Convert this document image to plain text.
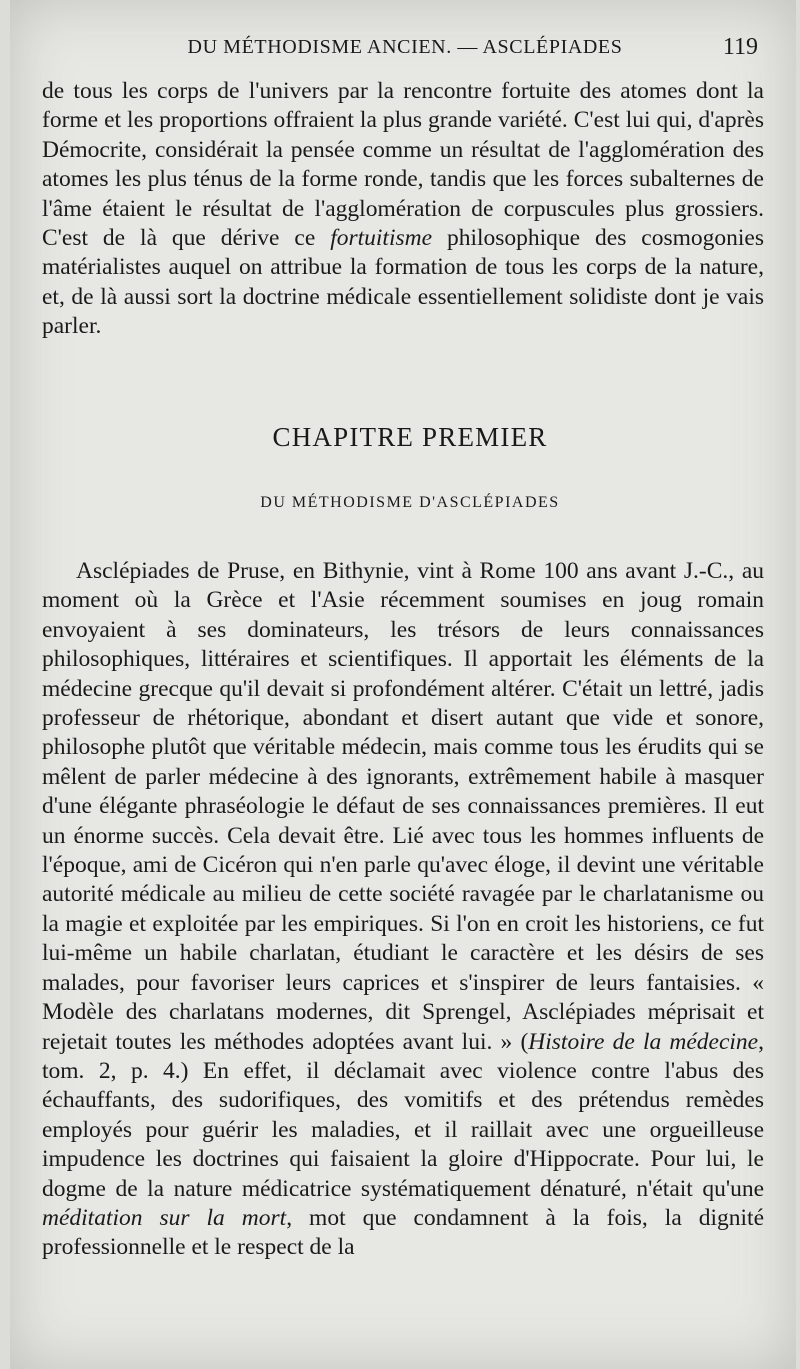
DU MÉTHODISME ANCIEN. — ASCLÉPIADES	119

de tous les corps de l'univers par la rencontre fortuite des atomes dont la forme et les proportions offraient la plus grande variété. C'est lui qui, d'après Démocrite, considérait la pensée comme un résultat de l'agglomération des atomes les plus ténus de la forme ronde, tandis que les forces subalternes de l'âme étaient le résultat de l'agglomération de corpuscules plus grossiers. C'est de là que dérive ce fortuitisme philosophique des cosmogonies matérialistes auquel on attribue la formation de tous les corps de la nature, et, de là aussi sort la doctrine médicale essentiellement solidiste dont je vais parler.

CHAPITRE PREMIER
DU MÉTHODISME D'ASCLÉPIADES

Asclépiades de Pruse, en Bithynie, vint à Rome 100 ans avant J.-C., au moment où la Grèce et l'Asie récemment soumises en joug romain envoyaient à ses dominateurs, les trésors de leurs connaissances philosophiques, littéraires et scientifiques. Il apportait les éléments de la médecine grecque qu'il devait si profondément altérer. C'était un lettré, jadis professeur de rhétorique, abondant et disert autant que vide et sonore, philosophe plutôt que véritable médecin, mais comme tous les érudits qui se mêlent de parler médecine à des ignorants, extrêmement habile à masquer d'une élégante phraséologie le défaut de ses connaissances premières. Il eut un énorme succès. Cela devait être. Lié avec tous les hommes influents de l'époque, ami de Cicéron qui n'en parle qu'avec éloge, il devint une véritable autorité médicale au milieu de cette société ravagée par le charlatanisme ou la magie et exploitée par les empiriques. Si l'on en croit les historiens, ce fut lui-même un habile charlatan, étudiant le caractère et les désirs de ses malades, pour favoriser leurs caprices et s'inspirer de leurs fantaisies. « Modèle des charlatans modernes, dit Sprengel, Asclépiades méprisait et rejetait toutes les méthodes adoptées avant lui. » (Histoire de la médecine, tom. 2, p. 4.) En effet, il déclamait avec violence contre l'abus des échauffants, des sudorifiques, des vomitifs et des prétendus remèdes employés pour guérir les maladies, et il raillait avec une orgueilleuse impudence les doctrines qui faisaient la gloire d'Hippocrate. Pour lui, le dogme de la nature médicatrice systématiquement dénaturé, n'était qu'une méditation sur la mort, mot que condamnent à la fois, la dignité professionnelle et le respect de la
